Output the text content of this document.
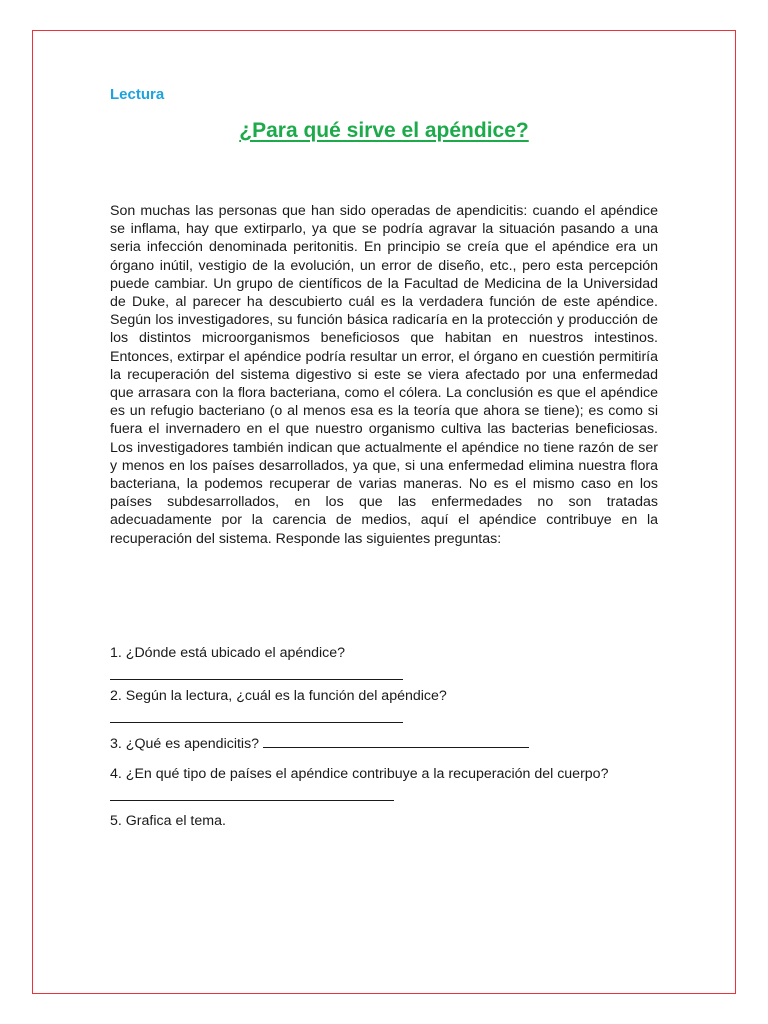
Lectura
¿Para qué sirve el apéndice?

Son muchas las personas que han sido operadas de apendicitis: cuando el apéndice se inflama, hay que extirparlo, ya que se podría agravar la situación pasando a una seria infección denominada peritonitis. En principio se creía que el apéndice era un órgano inútil, vestigio de la evolución, un error de diseño, etc., pero esta percepción puede cambiar. Un grupo de científicos de la Facultad de Medicina de la Universidad de Duke, al parecer ha descubierto cuál es la verdadera función de este apéndice. Según los investigadores, su función básica radicaría en la protección y producción de los distintos microorganismos beneficiosos que habitan en nuestros intestinos. Entonces, extirpar el apéndice podría resultar un error, el órgano en cuestión permitiría la recuperación del sistema digestivo si este se viera afectado por una enfermedad que arrasara con la flora bacteriana, como el cólera. La conclusión es que el apéndice es un refugio bacteriano (o al menos esa es la teoría que ahora se tiene); es como si fuera el invernadero en el que nuestro organismo cultiva las bacterias beneficiosas. Los investigadores también indican que actualmente el apéndice no tiene razón de ser y menos en los países desarrollados, ya que, si una enfermedad elimina nuestra flora bacteriana, la podemos recuperar de varias maneras. No es el mismo caso en los países subdesarrollados, en los que las enfermedades no son tratadas adecuadamente por la carencia de medios, aquí el apéndice contribuye en la recuperación del sistema. Responde las siguientes preguntas:

1. ¿Dónde está ubicado el apéndice?
2. Según la lectura, ¿cuál es la función del apéndice?
3. ¿Qué es apendicitis?
4. ¿En qué tipo de países el apéndice contribuye a la recuperación del cuerpo?
5. Grafica el tema.
